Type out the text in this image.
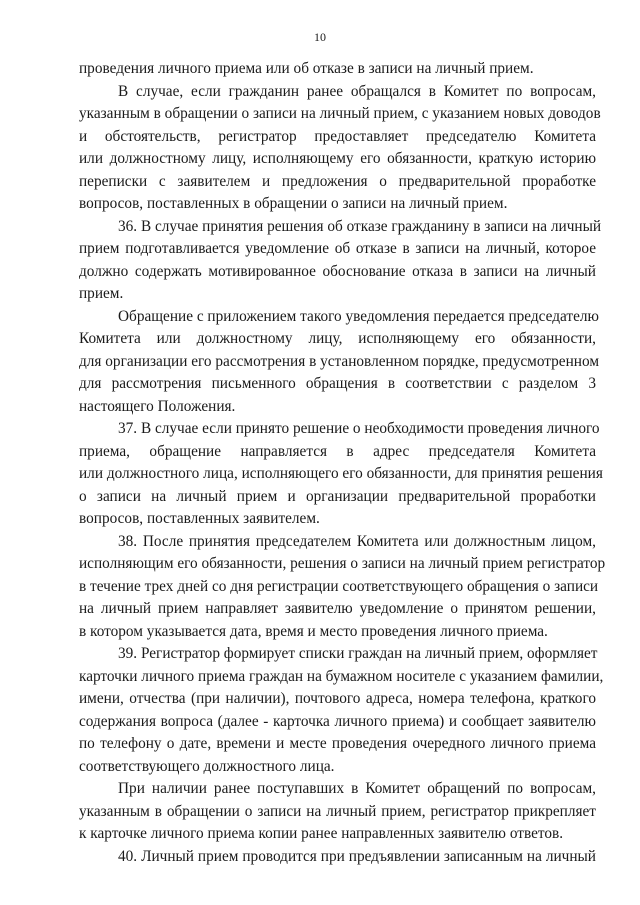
10
проведения личного приема или об отказе в записи на личный прием.
В случае, если гражданин ранее обращался в Комитет по вопросам,
указанным в обращении о записи на личный прием, с указанием новых доводов
и обстоятельств, регистратор предоставляет председателю Комитета
или должностному лицу, исполняющему его обязанности, краткую историю
переписки с заявителем и предложения о предварительной проработке
вопросов, поставленных в обращении о записи на личный прием.
36. В случае принятия решения об отказе гражданину в записи на личный
прием подготавливается уведомление об отказе в записи на личный, которое
должно содержать мотивированное обоснование отказа в записи на личный
прием.
Обращение с приложением такого уведомления передается председателю
Комитета или должностному лицу, исполняющему его обязанности,
для организации его рассмотрения в установленном порядке, предусмотренном
для рассмотрения письменного обращения в соответствии с разделом 3
настоящего Положения.
37. В случае если принято решение о необходимости проведения личного
приема, обращение направляется в адрес председателя Комитета
или должностного лица, исполняющего его обязанности, для принятия решения
о записи на личный прием и организации предварительной проработки
вопросов, поставленных заявителем.
38. После принятия председателем Комитета или должностным лицом,
исполняющим его обязанности, решения о записи на личный прием регистратор
в течение трех дней со дня регистрации соответствующего обращения о записи
на личный прием направляет заявителю уведомление о принятом решении,
в котором указывается дата, время и место проведения личного приема.
39. Регистратор формирует списки граждан на личный прием, оформляет
карточки личного приема граждан на бумажном носителе с указанием фамилии,
имени, отчества (при наличии), почтового адреса, номера телефона, краткого
содержания вопроса (далее - карточка личного приема) и сообщает заявителю
по телефону о дате, времени и месте проведения очередного личного приема
соответствующего должностного лица.
При наличии ранее поступавших в Комитет обращений по вопросам,
указанным в обращении о записи на личный прием, регистратор прикрепляет
к карточке личного приема копии ранее направленных заявителю ответов.
40. Личный прием проводится при предъявлении записанным на личный
